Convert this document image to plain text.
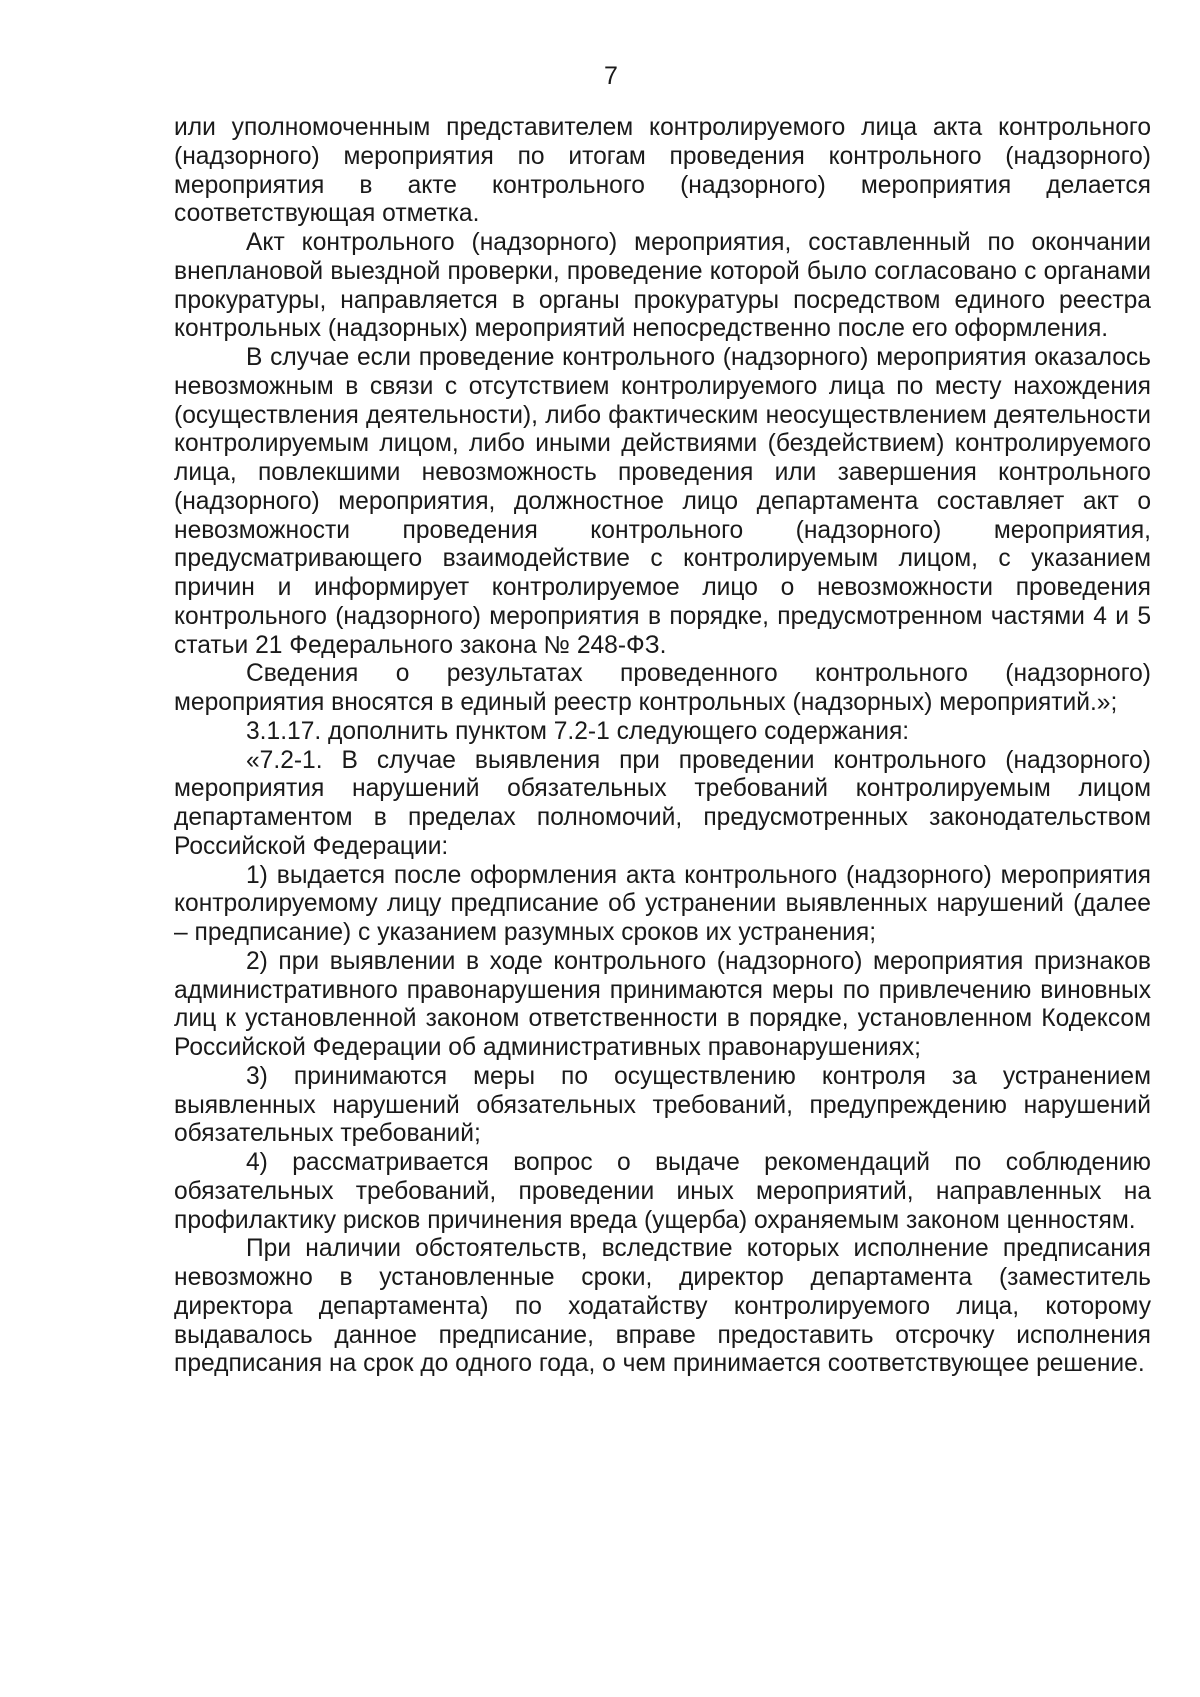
7

или уполномоченным представителем контролируемого лица акта контрольного (надзорного) мероприятия по итогам проведения контрольного (надзорного) мероприятия в акте контрольного (надзорного) мероприятия делается соответствующая отметка.

Акт контрольного (надзорного) мероприятия, составленный по окончании внеплановой выездной проверки, проведение которой было согласовано с органами прокуратуры, направляется в органы прокуратуры посредством единого реестра контрольных (надзорных) мероприятий непосредственно после его оформления.

В случае если проведение контрольного (надзорного) мероприятия оказалось невозможным в связи с отсутствием контролируемого лица по месту нахождения (осуществления деятельности), либо фактическим неосуществлением деятельности контролируемым лицом, либо иными действиями (бездействием) контролируемого лица, повлекшими невозможность проведения или завершения контрольного (надзорного) мероприятия, должностное лицо департамента составляет акт о невозможности проведения контрольного (надзорного) мероприятия, предусматривающего взаимодействие с контролируемым лицом, с указанием причин и информирует контролируемое лицо о невозможности проведения контрольного (надзорного) мероприятия в порядке, предусмотренном частями 4 и 5 статьи 21 Федерального закона № 248-ФЗ.

Сведения о результатах проведенного контрольного (надзорного) мероприятия вносятся в единый реестр контрольных (надзорных) мероприятий.»;

3.1.17. дополнить пунктом 7.2-1 следующего содержания:

«7.2-1. В случае выявления при проведении контрольного (надзорного) мероприятия нарушений обязательных требований контролируемым лицом департаментом в пределах полномочий, предусмотренных законодательством Российской Федерации:

1) выдается после оформления акта контрольного (надзорного) мероприятия контролируемому лицу предписание об устранении выявленных нарушений (далее – предписание) с указанием разумных сроков их устранения;

2) при выявлении в ходе контрольного (надзорного) мероприятия признаков административного правонарушения принимаются меры по привлечению виновных лиц к установленной законом ответственности в порядке, установленном Кодексом Российской Федерации об административных правонарушениях;

3) принимаются меры по осуществлению контроля за устранением выявленных нарушений обязательных требований, предупреждению нарушений обязательных требований;

4) рассматривается вопрос о выдаче рекомендаций по соблюдению обязательных требований, проведении иных мероприятий, направленных на профилактику рисков причинения вреда (ущерба) охраняемым законом ценностям.

При наличии обстоятельств, вследствие которых исполнение предписания невозможно в установленные сроки, директор департамента (заместитель директора департамента) по ходатайству контролируемого лица, которому выдавалось данное предписание, вправе предоставить отсрочку исполнения предписания на срок до одного года, о чем принимается соответствующее решение.
